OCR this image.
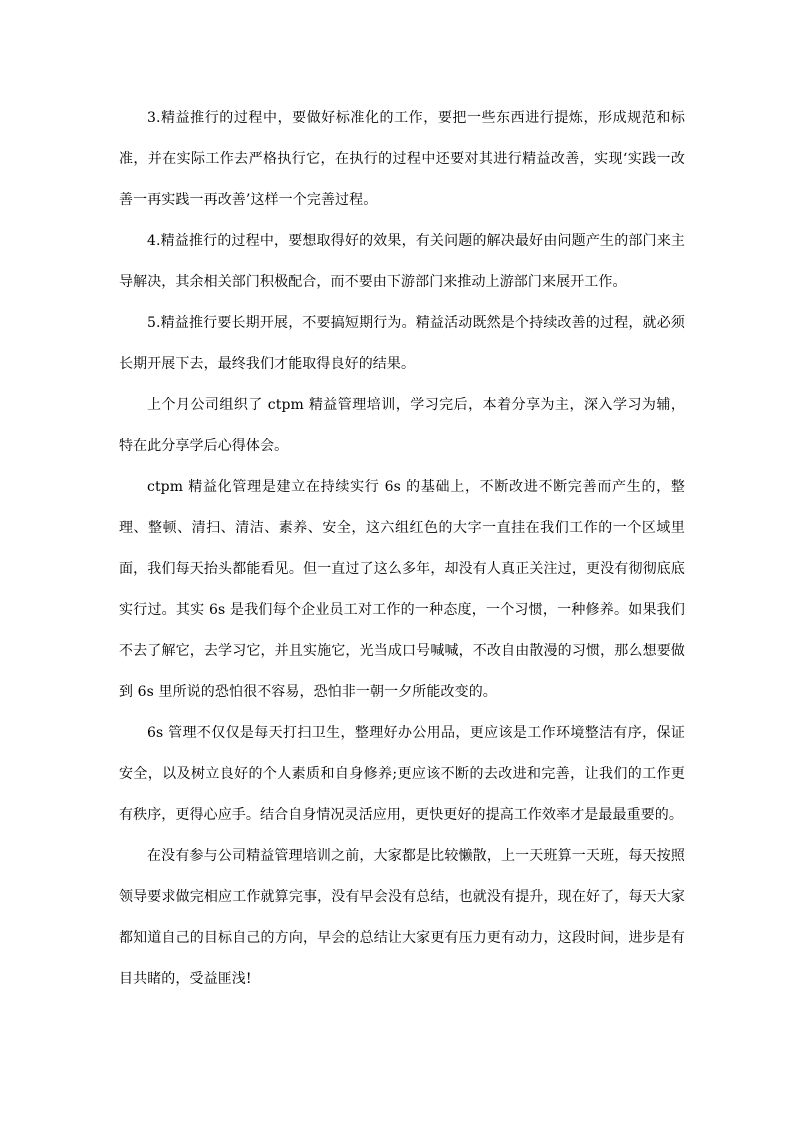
3.精益推行的过程中，要做好标准化的工作，要把一些东西进行提炼，形成规范和标准，并在实际工作去严格执行它，在执行的过程中还要对其进行精益改善，实现‘实践一改善一再实践一再改善’这样一个完善过程。

4.精益推行的过程中，要想取得好的效果，有关问题的解决最好由问题产生的部门来主导解决，其余相关部门积极配合，而不要由下游部门来推动上游部门来展开工作。

5.精益推行要长期开展，不要搞短期行为。精益活动既然是个持续改善的过程，就必须长期开展下去，最终我们才能取得良好的结果。

上个月公司组织了 ctpm 精益管理培训，学习完后，本着分享为主，深入学习为辅，特在此分享学后心得体会。

ctpm 精益化管理是建立在持续实行 6s 的基础上，不断改进不断完善而产生的，整理、整顿、清扫、清洁、素养、安全，这六组红色的大字一直挂在我们工作的一个区域里面，我们每天抬头都能看见。但一直过了这么多年，却没有人真正关注过，更没有彻彻底底实行过。其实 6s 是我们每个企业员工对工作的一种态度，一个习惯，一种修养。如果我们不去了解它，去学习它，并且实施它，光当成口号喊喊，不改自由散漫的习惯，那么想要做到 6s 里所说的恐怕很不容易，恐怕非一朝一夕所能改变的。

6s 管理不仅仅是每天打扫卫生，整理好办公用品，更应该是工作环境整洁有序，保证安全，以及树立良好的个人素质和自身修养;更应该不断的去改进和完善，让我们的工作更有秩序，更得心应手。结合自身情况灵活应用，更快更好的提高工作效率才是最最重要的。

在没有参与公司精益管理培训之前，大家都是比较懒散，上一天班算一天班，每天按照领导要求做完相应工作就算完事，没有早会没有总结，也就没有提升，现在好了，每天大家都知道自己的目标自己的方向，早会的总结让大家更有压力更有动力，这段时间，进步是有目共睹的，受益匪浅!
